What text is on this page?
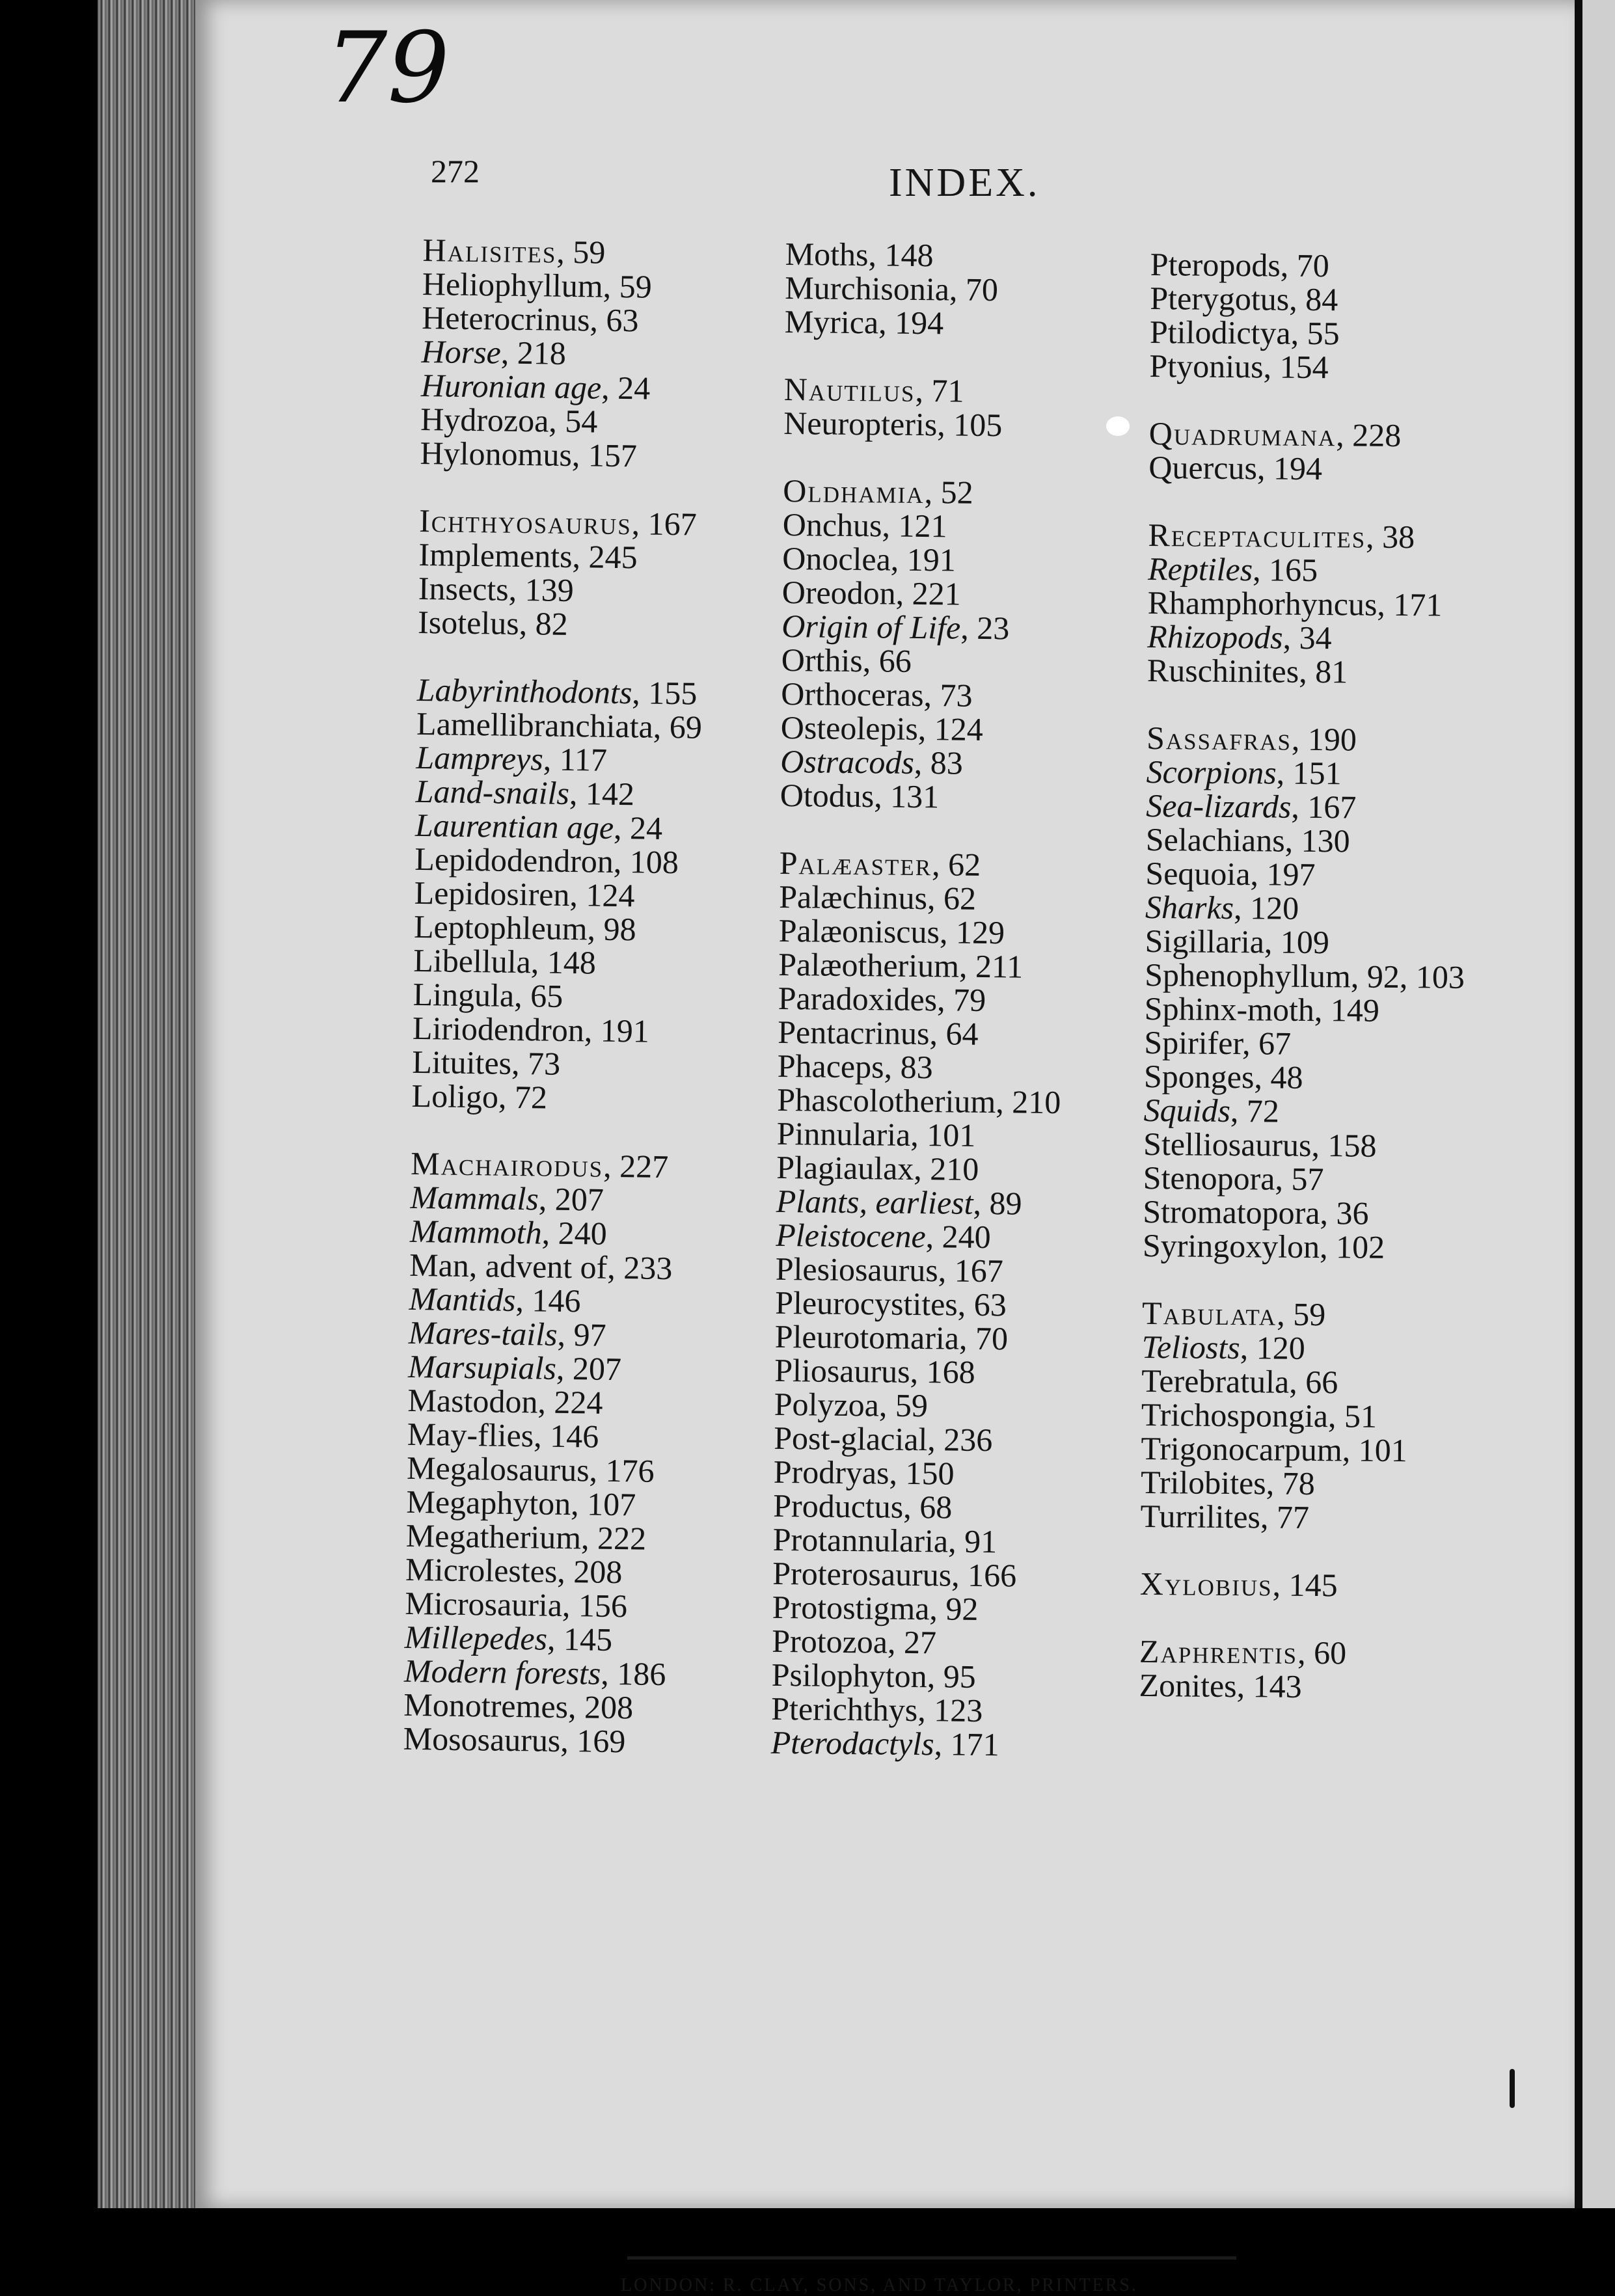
79
272	INDEX.
Halisites, 59
Heliophyllum, 59
Heterocrinus, 63
Horse, 218
Huronian age, 24
Hydrozoa, 54
Hylonomus, 157
Ichthyosaurus, 167
Implements, 245
Insects, 139
Isotelus, 82
Labyrinthodonts, 155
Lamellibranchiata, 69
Lampreys, 117
Land-snails, 142
Laurentian age, 24
Lepidodendron, 108
Lepidosiren, 124
Leptophleum, 98
Libellula, 148
Lingula, 65
Liriodendron, 191
Lituites, 73
Loligo, 72
Machairodus, 227
Mammals, 207
Mammoth, 240
Man, advent of, 233
Mantids, 146
Mares-tails, 97
Marsupials, 207
Mastodon, 224
May-flies, 146
Megalosaurus, 176
Megaphyton, 107
Megatherium, 222
Microlestes, 208
Microsauria, 156
Millepedes, 145
Modern forests, 186
Monotremes, 208
Mososaurus, 169
Moths, 148
Murchisonia, 70
Myrica, 194
Nautilus, 71
Neuropteris, 105
Oldhamia, 52
Onchus, 121
Onoclea, 191
Oreodon, 221
Origin of Life, 23
Orthis, 66
Orthoceras, 73
Osteolepis, 124
Ostracods, 83
Otodus, 131
Palæaster, 62
Palæchinus, 62
Palæoniscus, 129
Palæotherium, 211
Paradoxides, 79
Pentacrinus, 64
Phaceps, 83
Phascolotherium, 210
Pinnularia, 101
Plagiaulax, 210
Plants, earliest, 89
Pleistocene, 240
Plesiosaurus, 167
Pleurocystites, 63
Pleurotomaria, 70
Pliosaurus, 168
Polyzoa, 59
Post-glacial, 236
Prodryas, 150
Productus, 68
Protannularia, 91
Proterosaurus, 166
Protostigma, 92
Protozoa, 27
Psilophyton, 95
Pterichthys, 123
Pterodactyls, 171
Pteropods, 70
Pterygotus, 84
Ptilodictya, 55
Ptyonius, 154
Quadrumana, 228
Quercus, 194
Receptaculites, 38
Reptiles, 165
Rhamphorhyncus, 171
Rhizopods, 34
Ruschinites, 81
Sassafras, 190
Scorpions, 151
Sea-lizards, 167
Selachians, 130
Sequoia, 197
Sharks, 120
Sigillaria, 109
Sphenophyllum, 92, 103
Sphinx-moth, 149
Spirifer, 67
Sponges, 48
Squids, 72
Stelliosaurus, 158
Stenopora, 57
Stromatopora, 36
Syringoxylon, 102
Tabulata, 59
Teliosts, 120
Terebratula, 66
Trichospongia, 51
Trigonocarpum, 101
Trilobites, 78
Turrilites, 77
Xylobius, 145
Zaphrentis, 60
Zonites, 143
LONDON: R. CLAY, SONS, AND TAYLOR, PRINTERS.
